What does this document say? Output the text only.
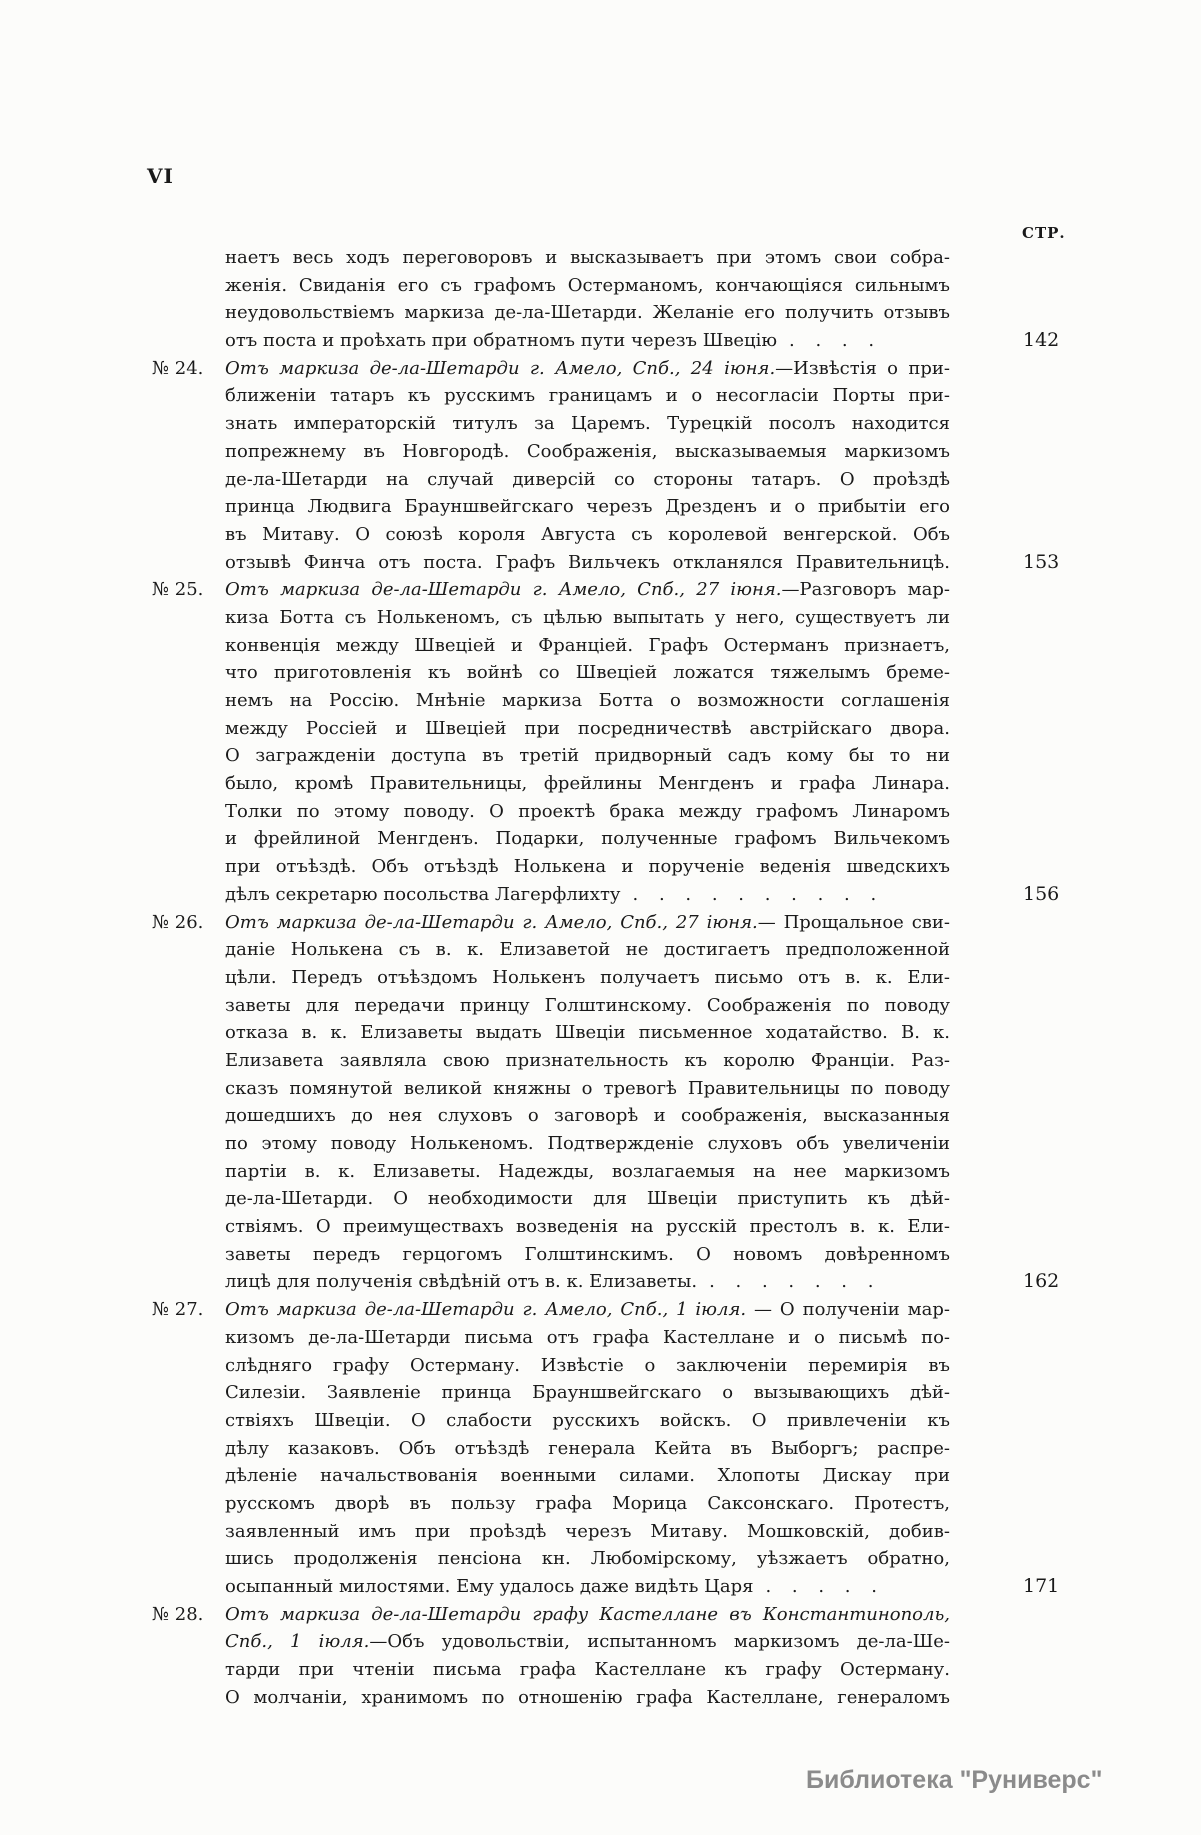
VI
СТР.
наетъ весь ходъ переговоровъ и высказываетъ при этомъ свои собра-
женія. Свиданія его съ графомъ Остерманомъ, кончающіяся сильнымъ
неудовольствіемъ маркиза де-ла-Шетарди. Желаніе его получить отзывъ
отъ поста и проѣхать при обратномъ пути черезъ Швецію . . . .	142
№ 24. Отъ маркиза де-ла-Шетарди г. Амело, Спб., 24 іюня.—Извѣстія о при-
ближеніи татаръ къ русскимъ границамъ и о несогласіи Порты при-
знать императорскій титулъ за Царемъ. Турецкій посолъ находится
попрежнему въ Новгородѣ. Соображенія, высказываемыя маркизомъ
де-ла-Шетарди на случай диверсій со стороны татаръ. О проѣздѣ
принца Людвига Брауншвейгскаго черезъ Дрезденъ и о прибытіи его
въ Митаву. О союзѣ короля Августа съ королевой венгерской. Объ
отзывѣ Финча отъ поста. Графъ Вильчекъ откланялся Правительницѣ.	153
№ 25. Отъ маркиза де-ла-Шетарди г. Амело, Спб., 27 іюня.—Разговоръ мар-
киза Ботта съ Нолькеномъ, съ цѣлью выпытать у него, существуетъ ли
конвенція между Швеціей и Франціей. Графъ Остерманъ признаетъ,
что приготовленія къ войнѣ со Швеціей ложатся тяжелымъ бреме-
немъ на Россію. Мнѣніе маркиза Ботта о возможности соглашенія
между Россіей и Швеціей при посредничествѣ австрійскаго двора.
О загражденіи доступа въ третій придворный садъ кому бы то ни
было, кромѣ Правительницы, фрейлины Менгденъ и графа Линара.
Толки по этому поводу. О проектѣ брака между графомъ Линаромъ
и фрейлиной Менгденъ. Подарки, полученные графомъ Вильчекомъ
при отъѣздѣ. Объ отъѣздѣ Нолькена и порученіе веденія шведскихъ
дѣлъ секретарю посольства Лагерфлихту . . . . . . . . . .	156
№ 26. Отъ маркиза де-ла-Шетарди г. Амело, Спб., 27 іюня.— Прощальное сви-
даніе Нолькена съ в. к. Елизаветой не достигаетъ предположенной
цѣли. Передъ отъѣздомъ Нолькенъ получаетъ письмо отъ в. к. Ели-
заветы для передачи принцу Голштинскому. Соображенія по поводу
отказа в. к. Елизаветы выдать Швеціи письменное ходатайство. В. к.
Елизавета заявляла свою признательность къ королю Франціи. Раз-
сказъ помянутой великой княжны о тревогѣ Правительницы по поводу
дошедшихъ до нея слуховъ о заговорѣ и соображенія, высказанныя
по этому поводу Нолькеномъ. Подтвержденіе слуховъ объ увеличеніи
партіи в. к. Елизаветы. Надежды, возлагаемыя на нее маркизомъ
де-ла-Шетарди. О необходимости для Швеціи приступить къ дѣй-
ствіямъ. О преимуществахъ возведенія на русскій престолъ в. к. Ели-
заветы передъ герцогомъ Голштинскимъ. О новомъ довѣренномъ
лицѣ для полученія свѣдѣній отъ в. к. Елизаветы. . . . . . . .	162
№ 27. Отъ маркиза де-ла-Шетарди г. Амело, Спб., 1 іюля. — О полученіи мар-
кизомъ де-ла-Шетарди письма отъ графа Кастеллане и о письмѣ по-
слѣдняго графу Остерману. Извѣстіе о заключеніи перемирія въ
Силезіи. Заявленіе принца Брауншвейгскаго о вызывающихъ дѣй-
ствіяхъ Швеціи. О слабости русскихъ войскъ. О привлеченіи къ
дѣлу казаковъ. Объ отъѣздѣ генерала Кейта въ Выборгъ; распре-
дѣленіе начальствованія военными силами. Хлопоты Дискау при
русскомъ дворѣ въ пользу графа Морица Саксонскаго. Протестъ,
заявленный имъ при проѣздѣ черезъ Митаву. Мошковскій, добив-
шись продолженія пенсіона кн. Любомірскому, уѣзжаетъ обратно,
осыпанный милостями. Ему удалось даже видѣть Царя . . . . .	171
№ 28. Отъ маркиза де-ла-Шетарди графу Кастеллане въ Константинополь,
Спб., 1 іюля.—Объ удовольствіи, испытанномъ маркизомъ де-ла-Ше-
тарди при чтеніи письма графа Кастеллане къ графу Остерману.
О молчаніи, хранимомъ по отношенію графа Кастеллане, генераломъ
Библиотека "Руниверс"
